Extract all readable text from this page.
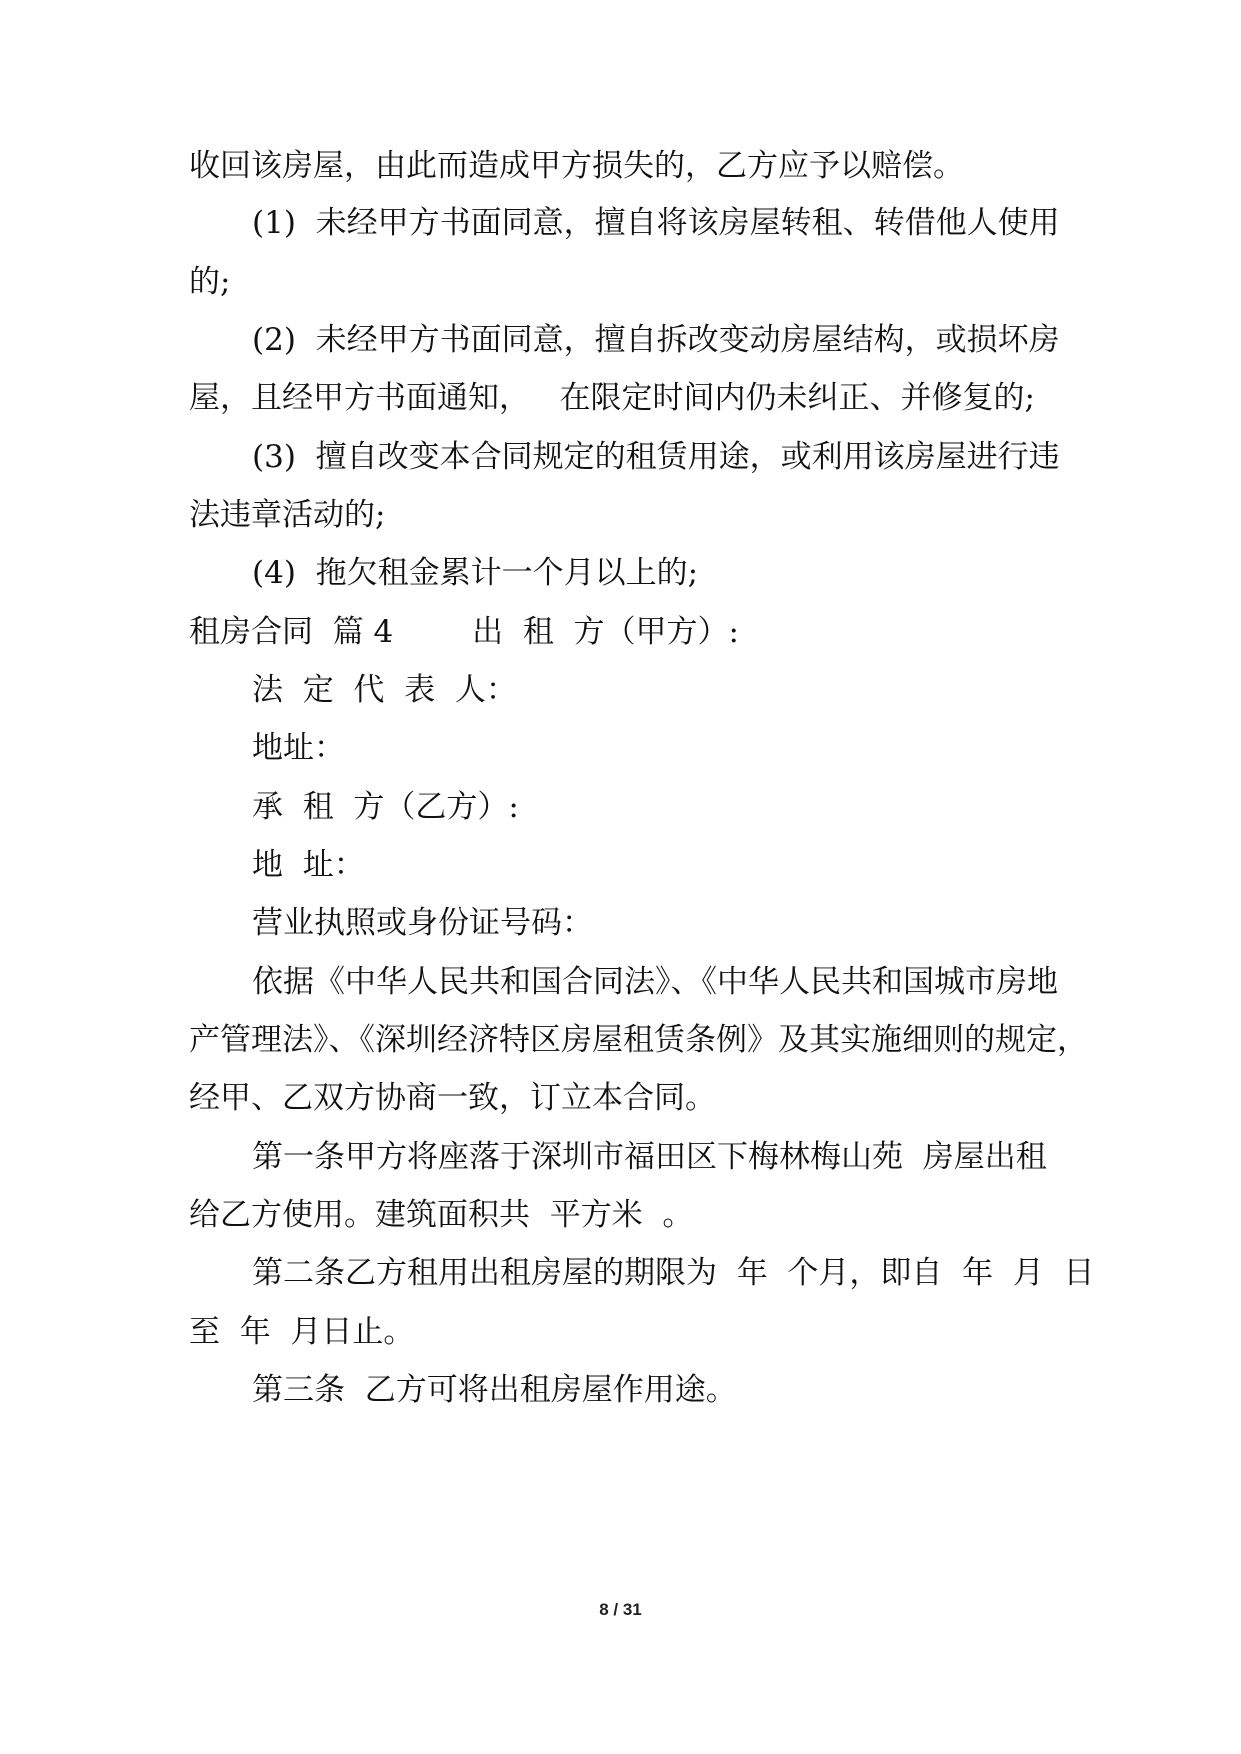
收回该房屋，由此而造成甲方损失的，乙方应予以赔偿。

(1)  未经甲方书面同意，擅自将该房屋转租、转借他人使用

的;

(2)  未经甲方书面同意，擅自拆改变动房屋结构，或损坏房

屋，且经甲方书面通知，   在限定时间内仍未纠正、并修复的;

(3)  擅自改变本合同规定的租赁用途，或利用该房屋进行违

法违章活动的;

(4)  拖欠租金累计一个月以上的;

租房合同  篇 4        出  租  方（甲方）:

法  定  代  表  人：

地址：

承  租  方（乙方）:

地  址：

营业执照或身份证号码：

依据《中华人民共和国合同法》、《中华人民共和国城市房地

产管理法》、《深圳经济特区房屋租赁条例》及其实施细则的规定，

经甲、乙双方协商一致，订立本合同。

第一条甲方将座落于深圳市福田区下梅林梅山苑  房屋出租

给乙方使用。建筑面积共  平方米  。

第二条乙方租用出租房屋的期限为  年  个月，即自  年  月  日

至  年  月日止。

第三条  乙方可将出租房屋作用途。

8 / 31
